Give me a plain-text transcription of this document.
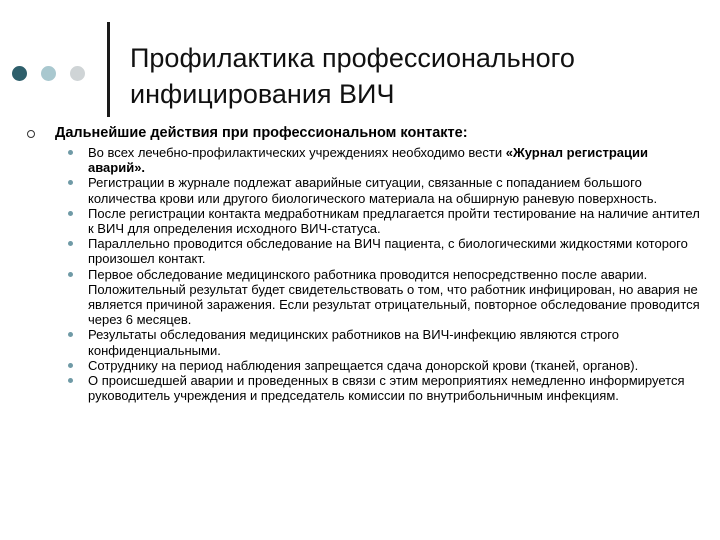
Профилактика профессионального
инфицирования ВИЧ
Дальнейшие действия при профессиональном контакте:
Во всех лечебно-профилактических учреждениях необходимо вести «Журнал регистрации аварий».
Регистрации в журнале подлежат аварийные ситуации, связанные с попаданием большого количества крови или другого биологического материала на обширную раневую поверхность.
После регистрации контакта медработникам предлагается пройти тестирование на наличие антител к ВИЧ для определения исходного ВИЧ-статуса.
Параллельно проводится обследование на ВИЧ пациента, с биологическими жидкостями которого произошел контакт.
Первое обследование медицинского работника проводится непосредственно после аварии. Положительный результат будет свидетельствовать о том, что работник инфицирован, но авария не является причиной заражения. Если результат отрицательный, повторное обследование проводится через 6 месяцев.
Результаты обследования медицинских работников на ВИЧ-инфекцию являются строго конфиденциальными.
Сотруднику на период наблюдения запрещается сдача донорской крови (тканей, органов).
О происшедшей аварии и проведенных в связи с этим мероприятиях немедленно информируется руководитель учреждения и председатель комиссии по внутрибольничным инфекциям.
